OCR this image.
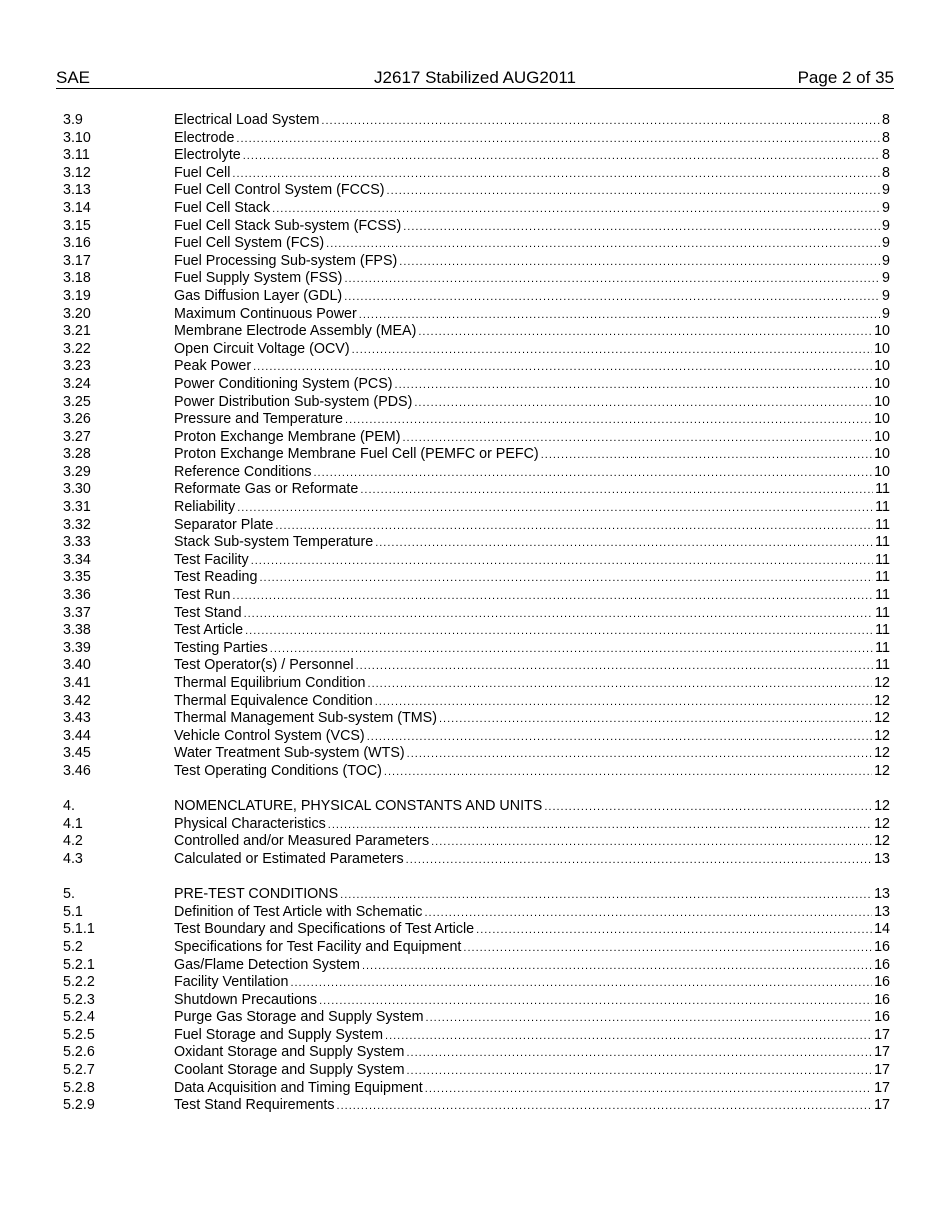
SAE	J2617 Stabilized AUG2011	Page 2 of 35
3.9	Electrical Load System .....	8
3.10	Electrode .....	8
3.11	Electrolyte .....	8
3.12	Fuel Cell .....	8
3.13	Fuel Cell Control System (FCCS) .....	9
3.14	Fuel Cell Stack .....	9
3.15	Fuel Cell Stack Sub-system (FCSS) .....	9
3.16	Fuel Cell System (FCS) .....	9
3.17	Fuel Processing Sub-system (FPS) .....	9
3.18	Fuel Supply System (FSS) .....	9
3.19	Gas Diffusion Layer (GDL) .....	9
3.20	Maximum Continuous Power .....	9
3.21	Membrane Electrode Assembly (MEA) .....	10
3.22	Open Circuit Voltage (OCV) .....	10
3.23	Peak Power .....	10
3.24	Power Conditioning System (PCS) .....	10
3.25	Power Distribution Sub-system (PDS) .....	10
3.26	Pressure and Temperature .....	10
3.27	Proton Exchange Membrane (PEM) .....	10
3.28	Proton Exchange Membrane Fuel Cell (PEMFC or PEFC) .....	10
3.29	Reference Conditions .....	10
3.30	Reformate Gas or Reformate .....	11
3.31	Reliability .....	11
3.32	Separator Plate .....	11
3.33	Stack Sub-system Temperature .....	11
3.34	Test Facility .....	11
3.35	Test Reading .....	11
3.36	Test Run .....	11
3.37	Test Stand .....	11
3.38	Test Article .....	11
3.39	Testing Parties .....	11
3.40	Test Operator(s) / Personnel .....	11
3.41	Thermal Equilibrium Condition .....	12
3.42	Thermal Equivalence Condition .....	12
3.43	Thermal Management Sub-system (TMS) .....	12
3.44	Vehicle Control System (VCS) .....	12
3.45	Water Treatment Sub-system (WTS) .....	12
3.46	Test Operating Conditions (TOC) .....	12
4.	NOMENCLATURE, PHYSICAL CONSTANTS AND UNITS .....	12
4.1	Physical Characteristics .....	12
4.2	Controlled and/or Measured Parameters .....	12
4.3	Calculated or Estimated Parameters .....	13
5.	PRE-TEST CONDITIONS .....	13
5.1	Definition of Test Article with Schematic .....	13
5.1.1	Test Boundary and Specifications of Test Article .....	14
5.2	Specifications for Test Facility and Equipment .....	16
5.2.1	Gas/Flame Detection System .....	16
5.2.2	Facility Ventilation .....	16
5.2.3	Shutdown Precautions .....	16
5.2.4	Purge Gas Storage and Supply System .....	16
5.2.5	Fuel Storage and Supply System .....	17
5.2.6	Oxidant Storage and Supply System .....	17
5.2.7	Coolant Storage and Supply System .....	17
5.2.8	Data Acquisition and Timing Equipment .....	17
5.2.9	Test Stand Requirements .....	17
